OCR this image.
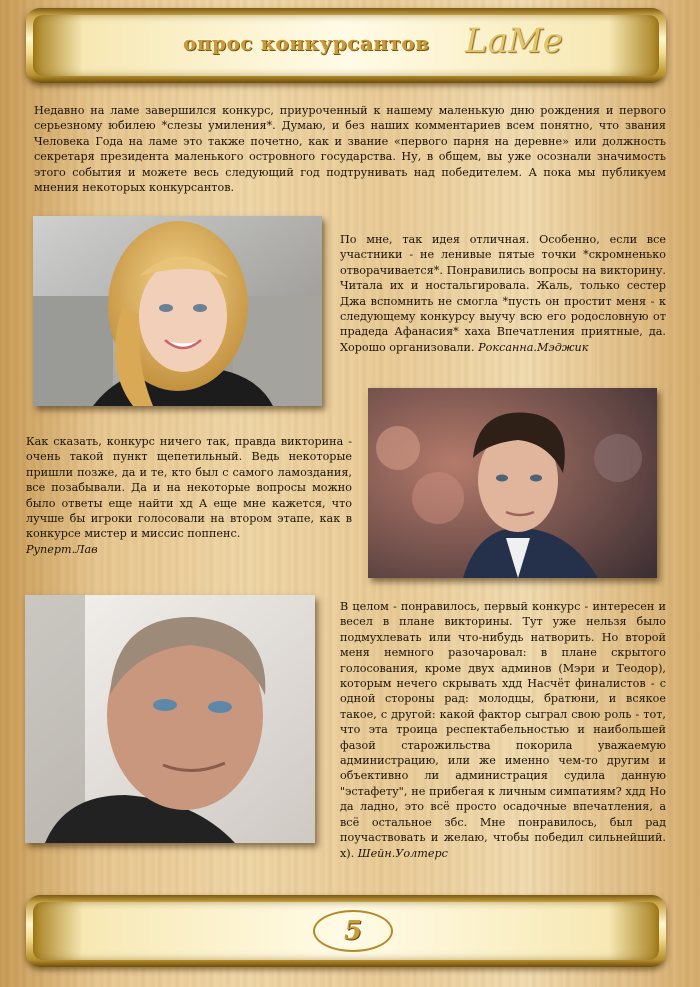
опрос конкурсантов LaMe

Недавно на ламе завершился конкурс, приуроченный к нашему маленькую дню рождения и первого серьезному юбилею *слезы умиления*. Думаю, и без наших комментариев всем понятно, что звания Человека Года на ламе это также почетно, как и звание «первого парня на деревне» или должность секретаря президента маленького островного государства. Ну, в общем, вы уже осознали значимость этого события и можете весь следующий год подтрунивать над победителем. А пока мы публикуем мнения некоторых конкурсантов.

По мне, так идея отличная. Особенно, если все участники - не ленивые пятые точки *скромненько отворачивается*. Понравились вопросы на викторину. Читала их и ностальгировала. Жаль, только сестер Джа вспомнить не смогла *пусть он простит меня - к следующему конкурсу выучу всю его родословную от прадеда Афанасия* хаха Впечатления приятные, да. Хорошо организовали. Роксанна.Мэджик

Как сказать, конкурс ничего так, правда викторина - очень такой пункт щепетильный. Ведь некоторые пришли позже, да и те, кто был с самого ламоздания, все позабывали. Да и на некоторые вопросы можно было ответы еще найти хд А еще мне кажется, что лучше бы игроки голосовали на втором этапе, как в конкурсе мистер и миссис поппенс.
Руперт.Лав

В целом - понравилось, первый конкурс - интересен и весел в плане викторины. Тут уже нельзя было подмухлевать или что-нибудь натворить. Но второй меня немного разочаровал: в плане скрытого голосования, кроме двух админов (Мэри и Теодор), которым нечего скрывать хдд Насчёт финалистов - с одной стороны рад: молодцы, братюни, и всякое такое, с другой: какой фактор сыграл свою роль - тот, что эта троица респектабельностью и наибольшей фазой старожильства покорила уважаемую администрацию, или же именно чем-то другим и объективно ли администрация судила данную "эстафету", не прибегая к личным симпатиям? хдд Но да ладно, это всё просто осадочные впечатления, а всё остальное збс. Мне понравилось, был рад поучаствовать и желаю, чтобы победил сильнейший. х). Шейн.Уолтерс

5
